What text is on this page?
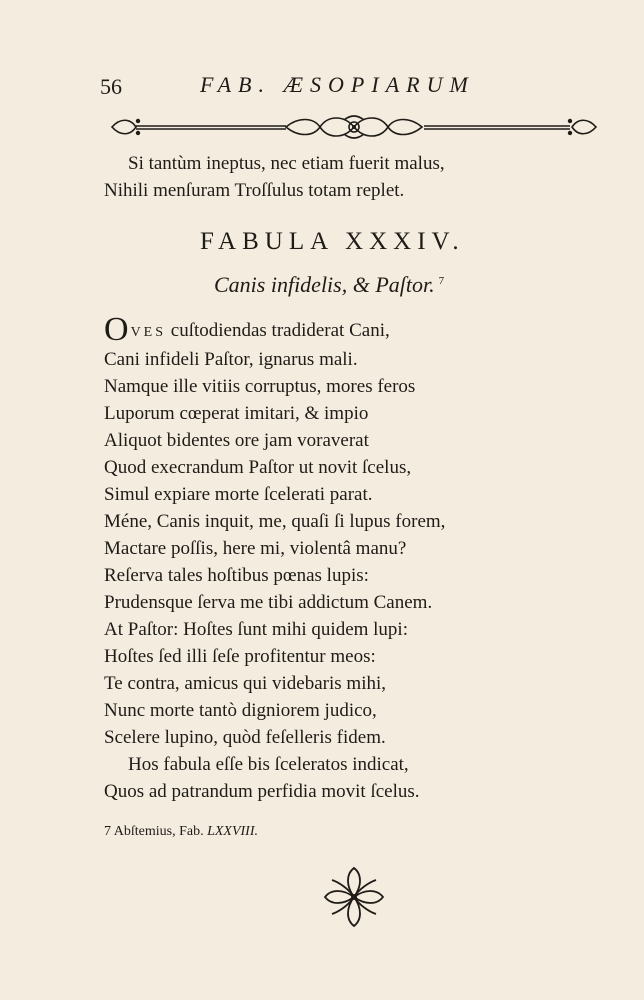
56	FAB. ÆSOPIARUM
Si tantùm ineptus, nec etiam fuerit malus,
Nihili menſuram Troſſulus totam replet.
FABULA XXXIV.
Canis infidelis, & Paſtor. $^7$
OVES cuſtodiendas tradiderat Cani,
Cani infideli Paſtor, ignarus mali.
Namque ille vitiis corruptus, mores feros
Luporum cœperat imitari, & impio
Aliquot bidentes ore jam voraverat
Quod execrandum Paſtor ut novit ſcelus,
Simul expiare morte ſcelerati parat.
Méne, Canis inquit, me, quaſi ſi lupus forem,
Mactare poſſis, here mi, violentâ manu?
Reſerva tales hoſtibus pœnas lupis:
Prudensque ſerva me tibi addictum Canem.
At Paſtor: Hoſtes ſunt mihi quidem lupi:
Hoſtes ſed illi ſeſe profitentur meos:
Te contra, amicus qui videbaris mihi,
Nunc morte tantò digniorem judico,
Scelere lupino, quòd feſelleris fidem.
Hos fabula eſſe bis ſceleratos indicat,
Quos ad patrandum perfidia movit ſcelus.
7 Abſtemius, Fab. LXXVIII.
